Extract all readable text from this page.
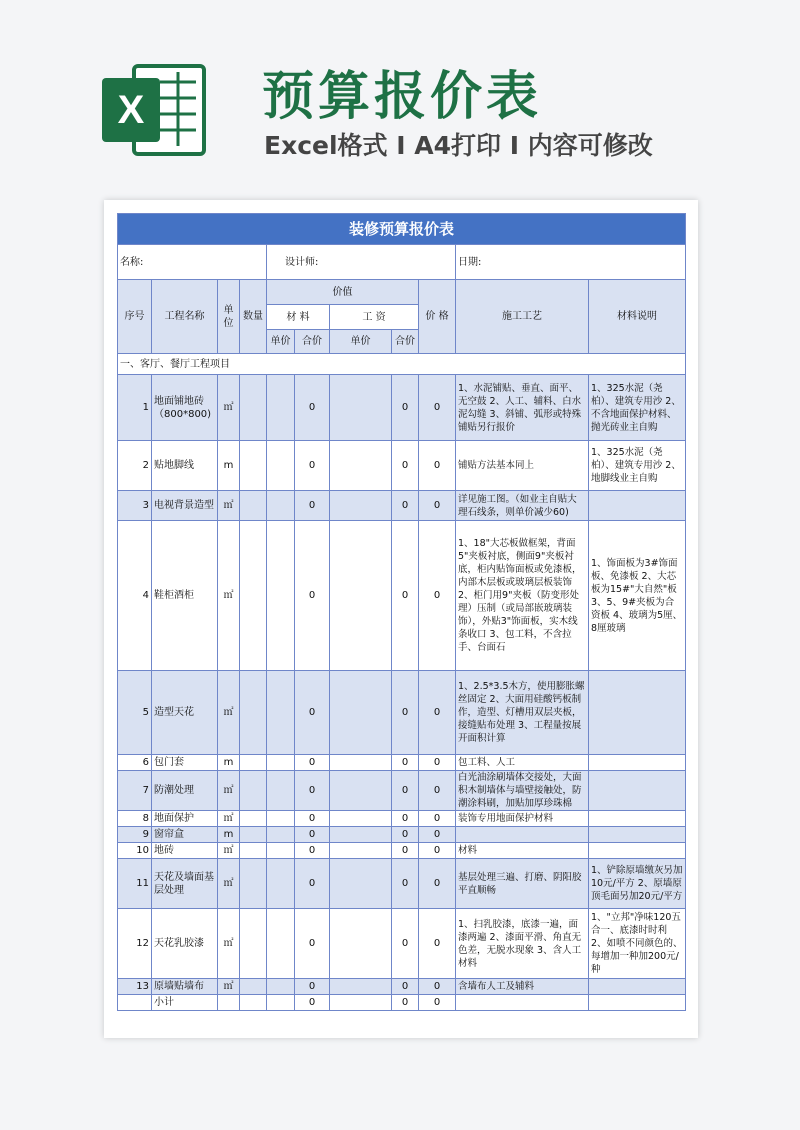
X 预算报价表
Excel格式 I A4打印 I 内容可修改
装修预算报价表										
名称:				设计师:					日期:	
序号	工程名称	单位	数量	价值				价 格	施工工艺	材料说明
				材 料		工 资				
				单价	合价	单价	合价			
一、客厅、餐厅工程项目										
1	地面铺地砖（800*800)	㎡			0		0	0	1、水泥铺贴、垂直、面平、无空鼓 2、人工、辅料、白水泥勾缝 3、斜铺、弧形或特殊铺贴另行报价	1、325水泥（尧柏）、建筑专用沙 2、不含地面保护材料、抛光砖业主自购
2	贴地脚线	m			0		0	0	铺贴方法基本同上	1、325水泥（尧柏）、建筑专用沙 2、地脚线业主自购
3	电视背景造型	㎡			0		0	0	详见施工图。（如业主自贴大理石线条，则单价减少60)	
4	鞋柜酒柜	㎡			0		0	0	1、18"大芯板做框架，背面5"夹板衬底，侧面9"夹板衬底，柜内贴饰面板或免漆板，内部木层板或玻璃层板装饰 2、柜门用9"夹板（防变形处理）压制（或局部嵌玻璃装饰），外贴3"饰面板，实木线条收口 3、包工料，不含拉手、台面石	1、饰面板为3#饰面板、免漆板 2、大芯板为15#"大自然"板 3、5、9#夹板为合资板 4、玻璃为5厘、8厘玻璃
5	造型天花	㎡			0		0	0	1、2.5*3.5木方，使用膨胀螺丝固定 2、大面用硅酸钙板制作，造型、灯槽用双层夹板，接缝贴布处理 3、工程量按展开面积计算	
6	包门套	m			0		0	0	包工料、人工	
7	防潮处理	㎡			0		0	0	白光油涂刷墙体交接处，大面积木制墙体与墙壁接触处，防潮涂料刷，加贴加厚珍珠棉	
8	地面保护	㎡			0		0	0	装饰专用地面保护材料	
9	窗帘盒	m			0		0	0		
10	地砖	㎡			0		0	0	材料	
11	天花及墙面基层处理	㎡			0		0	0	基层处理三遍、打磨、阴阳胶平直顺畅	1、铲除原墙缴灰另加10元/平方 2、原墙原顶毛面另加20元/平方
12	天花乳胶漆	㎡			0		0	0	1、扫乳胶漆，底漆一遍，面漆两遍 2、漆面平滑、角直无色差，无脱水现象 3、含人工材料	1、"立邦"净味120五合一、底漆时时利 2、如喷不同颜色的、每增加一种加200元/种
13	原墙贴墙布	㎡			0		0	0	含墙布人工及辅料	
	小计				0		0	0		
